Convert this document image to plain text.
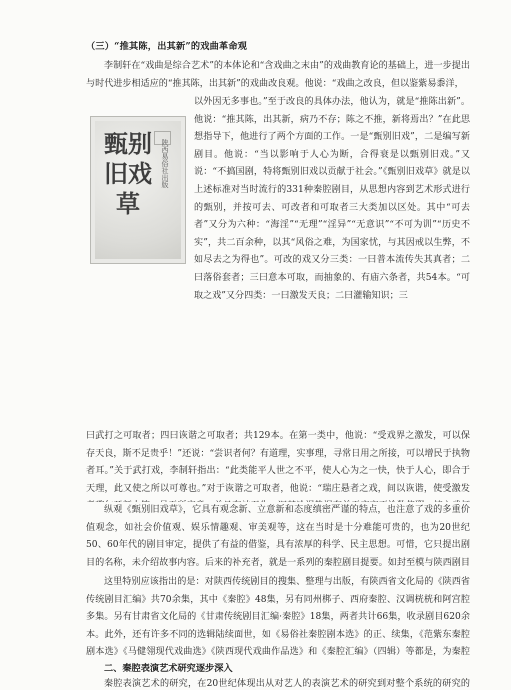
（三）“推其陈，出其新”的戏曲革命观

李制轩在“戏曲是综合艺术”的本体论和“含戏曲之末由”的戏曲教育论的基础上，进一步提出与时代进步相适应的“推其陈，出其新”的戏曲改良观。他说：“戏曲之改良，但以鉴紫易黍洋，

甄别旧戏草
陕西易俗社出版

以外因无多事也。”至于改良的具体办法，他认为，就是“推陈出新”。他说：“推其陈，出其新，病乃不存；陈之不推，新将焉出？”在此思想指导下，他进行了两个方面的工作。一是“甄别旧戏”，二是编写新剧目。他说：“当以影响于人心为断，合得衰是以甄别旧戏。”又说：“不搞国剧，特将甄别旧戏以贡献于社会。”《甄别旧戏草》就是以上述标准对当时流行的331种秦腔剧目，从思想内容到艺术形式进行的甄别，并按可去、可改者和可取者三大类加以区处。其中“可去者”又分为六种：“海淫”“无理”“淫异”“无意识”“不可为训”“历史不实”，共二百余种，以其“风俗之难，为国家忧，与其因戒以生弊，不如尽去之为得也”。可改的戏又分三类：一曰普本流传失其真者；二曰落俗套者；三曰意本可取，而抽象的、有庙六条者，共54本。“可取之戏”又分四类：一曰激发天良；二曰灌输知识；三

曰武打之可取者；四曰诙谐之可取者；共129本。在第一类中，他说：“受戏界之激发，可以保存天良，斯不足贵乎！”还说：“尝识者何？有道理，实事理，寻常日用之所接，可以增民于执物者耳。”关于武打戏，李制轩指出：“此类能平人世之不平，使人心为之一快，快于人心，即合于天理，此又使之所以可尊也。”对于诙谐之可取者，他说：“瑞庄悬者之戏，间以诙谐，使受激发

纵观《甄别旧戏草》，它具有观念新、立意新和态度缜密严谨的特点，也注意了戏的多重价值观念，如社会价值观、娱乐情趣观、审美观等，这在当时是十分难能可贵的，也为20世纪50、60年代的剧目审定，提供了有益的借鉴，具有浓厚的科学、民主思想。可惜，它只提出剧目的名称，未介绍故事内容。后来的补充者，就是一系列的秦腔剧目提要。如封至模与陕西剧目

这里特别应该指出的是：对陕西传统剧目的搜集、整理与出版，有陕西省文化局的《陕西省传统剧目汇编》共70余集，其中《秦腔》48集，另有同州梆子、西府秦腔、汉调桄桄和阿宫腔多集。另有甘肃省文化局的《甘肃传统剧目汇编·秦腔》18集，两者共计66集，收录剧目620余本。此外，还有许多不同的选辑陆续面世，如《易俗社秦腔剧本选》的正、续集，《范紫东秦腔剧本选》《马健翎现代戏曲选》《陕西现代戏曲作品选》和《秦腔汇编》（四辑）等都是，为秦腔

二、秦腔表演艺术研究逐步深入

秦腔表演艺术的研究，在20世纪体现出从对艺人的表演艺术的研究到对整个系统的研究的
